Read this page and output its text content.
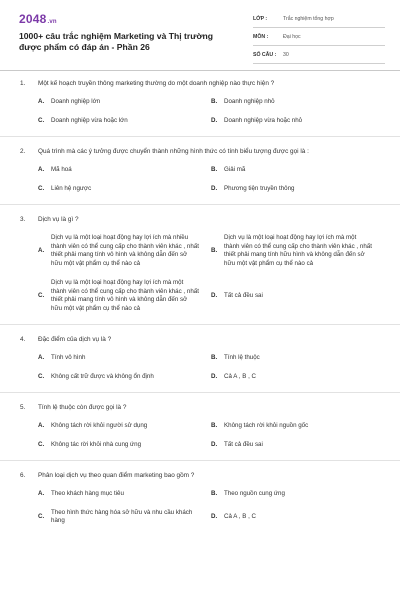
2048.vn
1000+ câu trắc nghiệm Marketing và Thị trường được phẩm có đáp án - Phần 26
LỚP :	Trắc nghiệm tổng hợp
MÔN :	Đại học
SỐ CÂU : 30
1.	Một kế hoạch truyền thông marketing thường do một doanh nghiệp nào thực hiện ?
A.	Doanh nghiệp lớn	B.	Doanh nghiệp nhỏ
C.	Doanh nghiệp vừa hoặc lớn	D.	Doanh nghiệp vừa hoặc nhỏ
2.	Quá trình mà các ý tưởng được chuyển thành những hình thức có tính biểu tượng được gọi là :
A.	Mã hoá	B.	Giải mã
C.	Liên hệ ngược	D.	Phương tiện truyền thông
3.	Dịch vụ là gì ?
A.
Dịch vụ là một loại hoạt động hay lợi ích mà nhiều thành viên có thể cung cấp cho thành viên khác , nhất thiết phải mang tính vô hình và không dẫn đến sở hữu một vật phẩm cụ thể nào cả
B.
Dịch vụ là một loại hoạt động hay lợi ích mà một thành viên có thể cung cấp cho thành viên khác , nhất thiết phải mang tính hữu hình và không dẫn đến sở hữu một vật phẩm cụ thể nào cả
C.
Dịch vụ là một loại hoạt động hay lợi ích mà một thành viên có thể cung cấp cho thành viên khác , nhất thiết phải mang tính vô hình và không dẫn đến sở hữu một vật phẩm cụ thể nào cả
D.	Tất cả đều sai
4.	Đặc điểm của dịch vụ là ?
A.	Tính vô hình	B.	Tính lệ thuộc
C.	Không cất trữ được và không ổn định	D.	Cả A , B , C
5.	Tính lệ thuộc còn được gọi là ?
A.	Không tách rời khỏi người sử dụng	B.	Không tách rời khỏi nguồn gốc
C.	Không tác rời khỏi nhà cung ứng	D.	Tất cả đều sai
6.	Phân loại dịch vụ theo quan điểm marketing bao gồm ?
A.	Theo khách hàng mục tiêu	B.	Theo nguồn cung ứng
C.
Theo hình thức hàng hóa sở hữu và nhu cầu khách hàng
D.	Cả A , B , C
